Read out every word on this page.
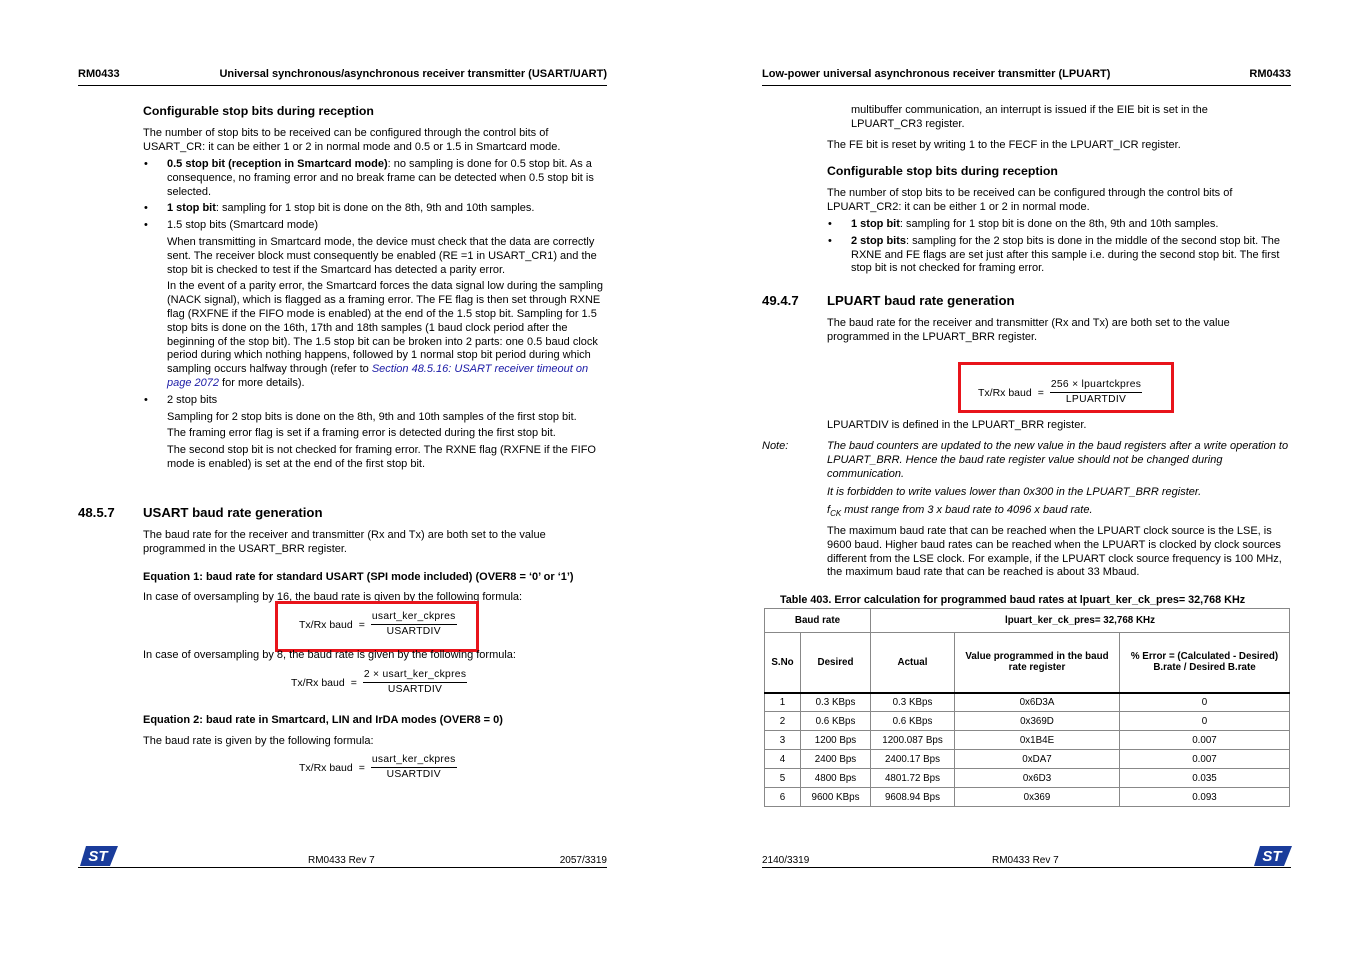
RM0433	Universal synchronous/asynchronous receiver transmitter (USART/UART)
Configurable stop bits during reception
The number of stop bits to be received can be configured through the control bits of USART_CR: it can be either 1 or 2 in normal mode and 0.5 or 1.5 in Smartcard mode.
• 0.5 stop bit (reception in Smartcard mode): no sampling is done for 0.5 stop bit. As a consequence, no framing error and no break frame can be detected when 0.5 stop bit is selected.
• 1 stop bit: sampling for 1 stop bit is done on the 8th, 9th and 10th samples.
• 1.5 stop bits (Smartcard mode)
When transmitting in Smartcard mode, the device must check that the data are correctly sent. The receiver block must consequently be enabled (RE =1 in USART_CR1) and the stop bit is checked to test if the Smartcard has detected a parity error.
In the event of a parity error, the Smartcard forces the data signal low during the sampling (NACK signal), which is flagged as a framing error. The FE flag is then set through RXNE flag (RXFNE if the FIFO mode is enabled) at the end of the 1.5 stop bit. Sampling for 1.5 stop bits is done on the 16th, 17th and 18th samples (1 baud clock period after the beginning of the stop bit). The 1.5 stop bit can be broken into 2 parts: one 0.5 baud clock period during which nothing happens, followed by 1 normal stop bit period during which sampling occurs halfway through (refer to Section 48.5.16: USART receiver timeout on page 2072 for more details).
• 2 stop bits
Sampling for 2 stop bits is done on the 8th, 9th and 10th samples of the first stop bit.
The framing error flag is set if a framing error is detected during the first stop bit.
The second stop bit is not checked for framing error. The RXNE flag (RXFNE if the FIFO mode is enabled) is set at the end of the first stop bit.
48.5.7 USART baud rate generation
The baud rate for the receiver and transmitter (Rx and Tx) are both set to the value programmed in the USART_BRR register.
Equation 1: baud rate for standard USART (SPI mode included) (OVER8 = ‘0’ or ‘1’)
In case of oversampling by 16, the baud rate is given by the following formula:
Tx/Rx baud = $\frac{\text{usart\_ker\_ckpres}}{\text{USARTDIV}}$
In case of oversampling by 8, the baud rate is given by the following formula:
Tx/Rx baud = $\frac{\text{2 × usart\_ker\_ckpres}}{\text{USARTDIV}}$
Equation 2: baud rate in Smartcard, LIN and IrDA modes (OVER8 = 0)
The baud rate is given by the following formula:
Tx/Rx baud = $\frac{\text{usart\_ker\_ckpres}}{\text{USARTDIV}}$
ST	RM0433 Rev 7	2057/3319
Low-power universal asynchronous receiver transmitter (LPUART)	RM0433
multibuffer communication, an interrupt is issued if the EIE bit is set in the LPUART_CR3 register.
The FE bit is reset by writing 1 to the FECF in the LPUART_ICR register.
Configurable stop bits during reception
The number of stop bits to be received can be configured through the control bits of LPUART_CR2: it can be either 1 or 2 in normal mode.
• 1 stop bit: sampling for 1 stop bit is done on the 8th, 9th and 10th samples.
• 2 stop bits: sampling for the 2 stop bits is done in the middle of the second stop bit. The RXNE and FE flags are set just after this sample i.e. during the second stop bit. The first stop bit is not checked for framing error.
49.4.7 LPUART baud rate generation
The baud rate for the receiver and transmitter (Rx and Tx) are both set to the value programmed in the LPUART_BRR register.
Tx/Rx baud = $\frac{\text{256 × lpuartckpres}}{\text{LPUARTDIV}}$
LPUARTDIV is defined in the LPUART_BRR register.
Note:	The baud counters are updated to the new value in the baud registers after a write operation to LPUART_BRR. Hence the baud rate register value should not be changed during communication.
It is forbidden to write values lower than 0x300 in the LPUART_BRR register.
$f_{CK}$ must range from 3 x baud rate to 4096 x baud rate.
The maximum baud rate that can be reached when the LPUART clock source is the LSE, is 9600 baud. Higher baud rates can be reached when the LPUART is clocked by clock sources different from the LSE clock. For example, if the LPUART clock source frequency is 100 MHz, the maximum baud rate that can be reached is about 33 Mbaud.
Table 403. Error calculation for programmed baud rates at lpuart_ker_ck_pres= 32,768 KHz
Baud rate		lpuart_ker_ck_pres= 32,768 KHz		
S.No	Desired	Actual	Value programmed in the baud rate register	% Error = (Calculated - Desired) B.rate / Desired B.rate
1	0.3 KBps	0.3 KBps	0x6D3A	0
2	0.6 KBps	0.6 KBps	0x369D	0
3	1200 Bps	1200.087 Bps	0x1B4E	0.007
4	2400 Bps	2400.17 Bps	0xDA7	0.007
5	4800 Bps	4801.72 Bps	0x6D3	0.035
6	9600 KBps	9608.94 Bps	0x369	0.093
2140/3319	RM0433 Rev 7	ST
